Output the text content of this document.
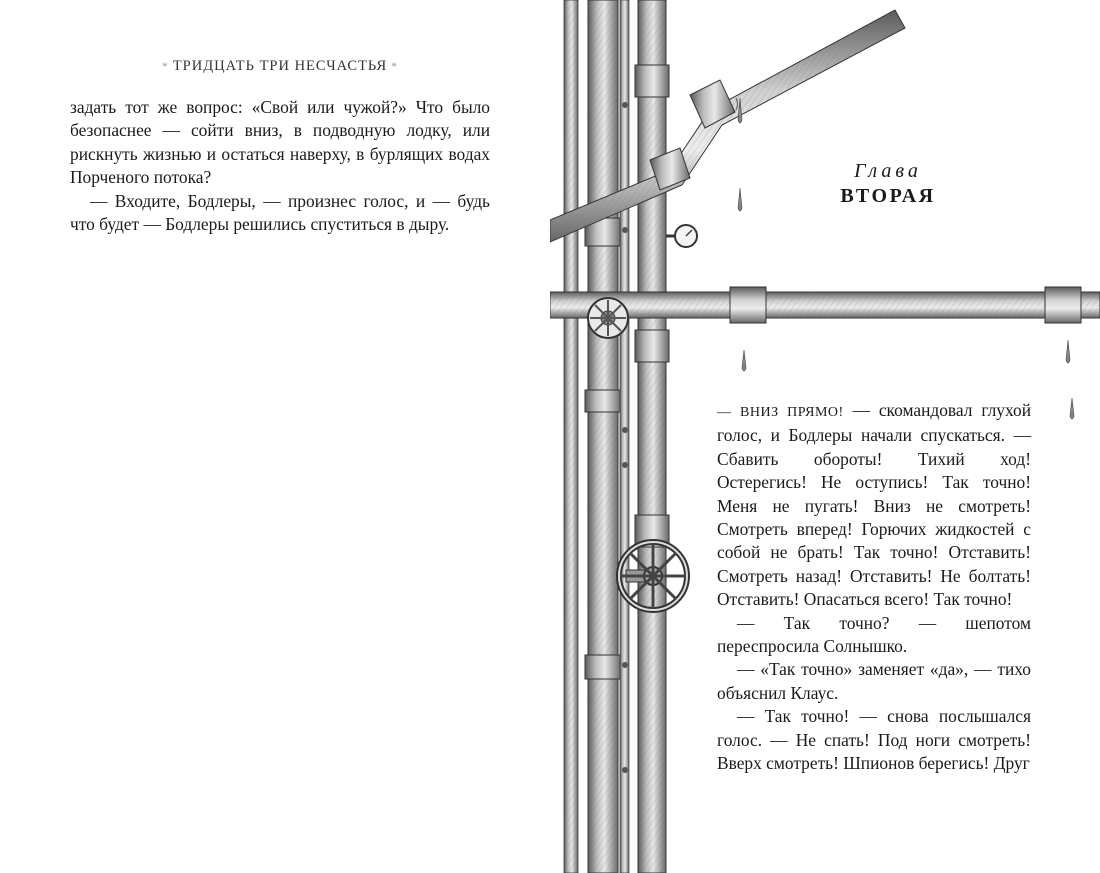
* ТРИДЦАТЬ ТРИ НЕСЧАСТЬЯ *

задать тот же вопрос: «Свой или чужой?» Что было безопаснее — сойти вниз, в подводную лодку, или рискнуть жизнью и остаться наверху, в бурлящих водах Порченого потока?

— Входите, Бодлеры, — произнес голос, и — будь что будет — Бодлеры решились спуститься в дыру.

Глава
ВТОРАЯ

— ВНИЗ ПРЯМО! — скомандовал глухой голос, и Бодлеры начали спускаться. — Сбавить обороты! Тихий ход! Остерегись! Не оступись! Так точно! Меня не пугать! Вниз не смотреть! Смотреть вперед! Горючих жидкостей с собой не брать! Так точно! Отставить! Смотреть назад! Отставить! Не болтать! Отставить! Опасаться всего! Так точно!

— Так точно? — шепотом переспросила Солнышко.

— «Так точно» заменяет «да», — тихо объяснил Клаус.

— Так точно! — снова послышался голос. — Не спать! Под ноги смотреть! Вверх смотреть! Шпионов берегись! Друг
